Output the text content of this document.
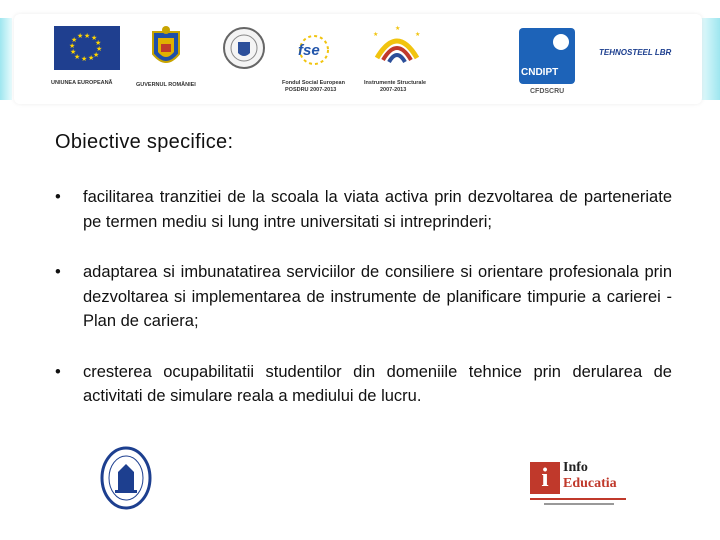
★ ★
★
★
★
★
★
★
★
★
★ ★
UNIUNEA EUROPEANĂ	GUVERNUL ROMÂNIEI
fse
Fondul Social European
POSDRU 2007-2013
★	★
★
Instrumente Structurale
2007-2013
CNDIPT
CFDSCRU
TEHNOSTEEL LBR
Obiective specifice:
• facilitarea tranzitiei de la scoala la viata activa prin dezvoltarea de parteneriate pe termen mediu si lung intre universitati si intreprinderi;
• adaptarea si imbunatatirea serviciilor de consiliere si orientare profesionala prin dezvoltarea si implementarea de instrumente de planificare timpurie a carierei - Plan de cariera;
• cresterea ocupabilitatii studentilor din domeniile tehnice prin derularea de activitati de simulare reala a mediului de lucru.
i	Info
Educatia
